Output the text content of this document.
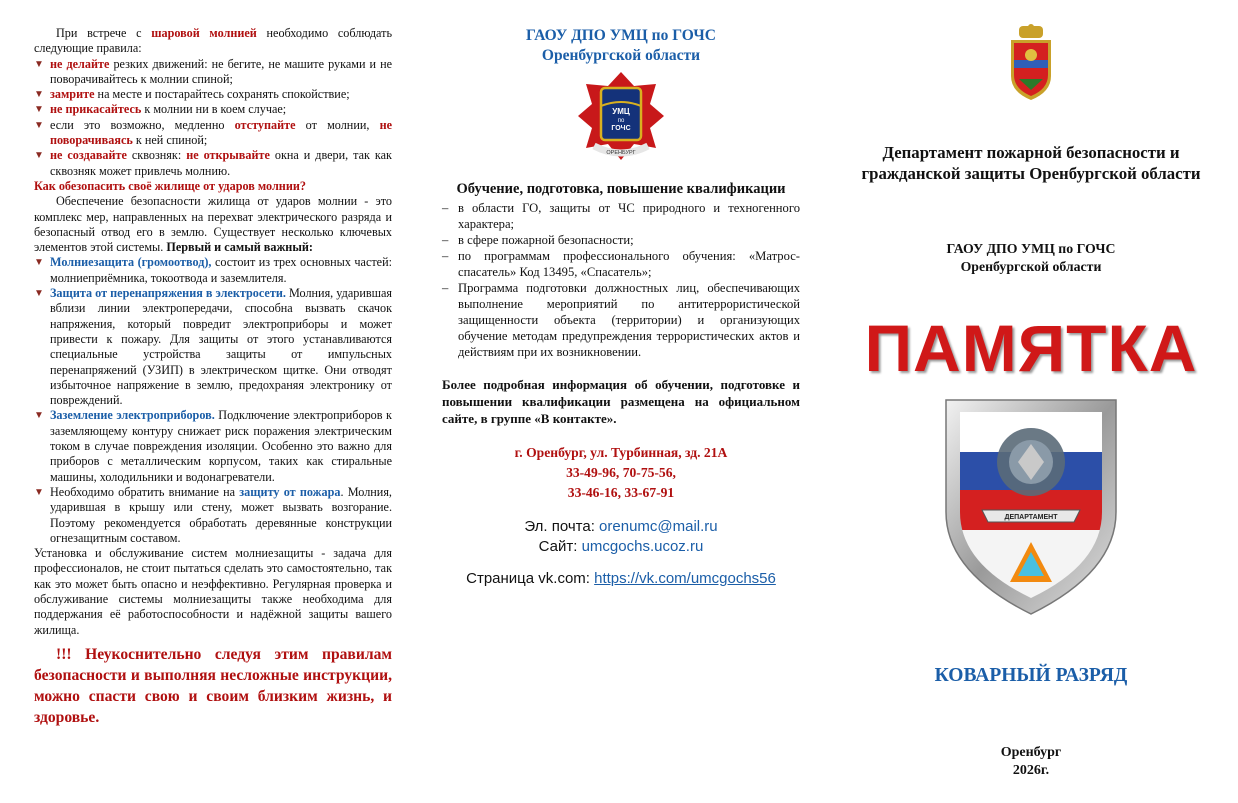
При встрече с шаровой молнией необходимо соблюдать следующие правила:

▼ не делайте резких движений: не бегите, не машите руками и не поворачивайтесь к молнии спиной;
▼ замрите на месте и постарайтесь сохранять спокойствие;
▼ не прикасайтесь к молнии ни в коем случае;
▼ если это возможно, медленно отступайте от молнии, не поворачиваясь к ней спиной;
▼ не создавайте сквозняк: не открывайте окна и двери, так как сквозняк может привлечь молнию.

Как обезопасить своё жилище от ударов молнии?

Обеспечение безопасности жилища от ударов молнии - это комплекс мер, направленных на перехват электрического разряда и безопасный отвод его в землю. Существует несколько ключевых элементов этой системы. Первый и самый важный:

▼ Молниезащита (громоотвод), состоит из трех основных частей: молниеприёмника, токоотвода и заземлителя.
▼ Защита от перенапряжения в электросети. Молния, ударившая вблизи линии электропередачи, способна вызвать скачок напряжения, который повредит электроприборы и может привести к пожару. Для защиты от этого устанавливаются специальные устройства защиты от импульсных перенапряжений (УЗИП) в электрическом щитке. Они отводят избыточное напряжение в землю, предохраняя электронику от повреждений.
▼ Заземление электроприборов. Подключение электроприборов к заземляющему контуру снижает риск поражения электрическим током в случае повреждения изоляции. Особенно это важно для приборов с металлическим корпусом, таких как стиральные машины, холодильники и водонагреватели.
▼ Необходимо обратить внимание на защиту от пожара. Молния, ударившая в крышу или стену, может вызвать возгорание. Поэтому рекомендуется обработать деревянные конструкции огнезащитным составом.

Установка и обслуживание систем молниезащиты - задача для профессионалов, не стоит пытаться сделать это самостоятельно, так как это может быть опасно и неэффективно. Регулярная проверка и обслуживание системы молниезащиты также необходима для поддержания её работоспособности и надёжной защиты вашего жилища.

!!! Неукоснительно следуя этим правилам безопасности и выполняя несложные инструкции, можно спасти свою и своим близким жизнь, и здоровье.

ГАОУ ДПО УМЦ по ГОЧС
Оренбургской области
УМЦ
по
ГОЧС
ОРЕНБУРГ
Обучение, подготовка, повышение квалификации
– в области ГО, защиты от ЧС природного и техногенного характера;
– в сфере пожарной безопасности;
– по программам профессионального обучения: «Матрос-спасатель» Код 13495, «Спасатель»;
– Программа подготовки должностных лиц, обеспечивающих выполнение мероприятий по антитеррористической защищенности объекта (территории) и организующих обучение методам предупреждения террористических актов и действиям при их возникновении.

Более подробная информация об обучении, подготовке и повышении квалификации размещена на официальном сайте, в группе «В контакте».

г. Оренбург, ул. Турбинная, зд. 21А
33-49-96, 70-75-56,
33-46-16, 33-67-91
Эл. почта: orenumc@mail.ru
Сайт: umcgochs.ucoz.ru
Страница vk.com: https://vk.com/umcgochs56
Департамент пожарной безопасности и гражданской защиты Оренбургской области
ГАОУ ДПО УМЦ по ГОЧС
Оренбургской области
ПАМЯТКА
ДЕПАРТАМЕНТ
КОВАРНЫЙ РАЗРЯД
Оренбург
2026г.
